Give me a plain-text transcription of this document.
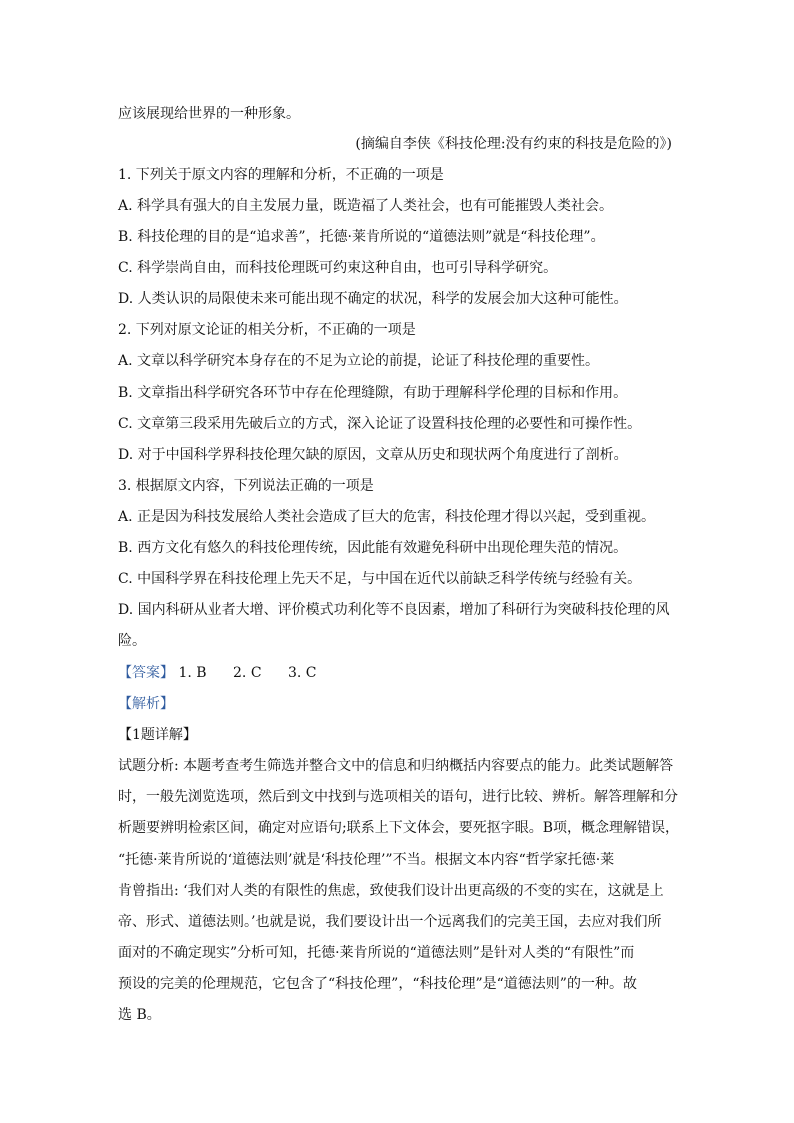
应该展现给世界的一种形象。
(摘编自李侠《科技伦理:没有约束的科技是危险的》)
1. 下列关于原文内容的理解和分析，不正确的一项是
A. 科学具有强大的自主发展力量，既造福了人类社会，也有可能摧毁人类社会。
B. 科技伦理的目的是“追求善”，托德·莱肯所说的“道德法则”就是“科技伦理”。
C. 科学崇尚自由，而科技伦理既可约束这种自由，也可引导科学研究。
D. 人类认识的局限使未来可能出现不确定的状况，科学的发展会加大这种可能性。
2. 下列对原文论证的相关分析，不正确的一项是
A. 文章以科学研究本身存在的不足为立论的前提，论证了科技伦理的重要性。
B. 文章指出科学研究各环节中存在伦理缝隙，有助于理解科学伦理的目标和作用。
C. 文章第三段采用先破后立的方式，深入论证了设置科技伦理的必要性和可操作性。
D. 对于中国科学界科技伦理欠缺的原因，文章从历史和现状两个角度进行了剖析。
3. 根据原文内容，下列说法正确的一项是
A. 正是因为科技发展给人类社会造成了巨大的危害，科技伦理才得以兴起，受到重视。
B. 西方文化有悠久的科技伦理传统，因此能有效避免科研中出现伦理失范的情况。
C. 中国科学界在科技伦理上先天不足，与中国在近代以前缺乏科学传统与经验有关。
D. 国内科研从业者大增、评价模式功利化等不良因素，增加了科研行为突破科技伦理的风
险。
【答案】 1. B 2. C 3. C
【解析】
【1题详解】
试题分析: 本题考查考生筛选并整合文中的信息和归纳概括内容要点的能力。此类试题解答
时，一般先浏览选项，然后到文中找到与选项相关的语句，进行比较、辨析。解答理解和分
析题要辨明检索区间，确定对应语句;联系上下文体会，要死抠字眼。B项，概念理解错误，
“托德·莱肯所说的‘道德法则’就是‘科技伦理’”不当。根据文本内容“哲学家托德·莱
肯曾指出: ‘我们对人类的有限性的焦虑，致使我们设计出更高级的不变的实在，这就是上
帝、形式、道德法则。’也就是说，我们要设计出一个远离我们的完美王国，去应对我们所
面对的不确定现实”分析可知，托德·莱肯所说的“道德法则”是针对人类的“有限性”而
预设的完美的伦理规范，它包含了“科技伦理”，“科技伦理”是“道德法则”的一种。故
选 B。
